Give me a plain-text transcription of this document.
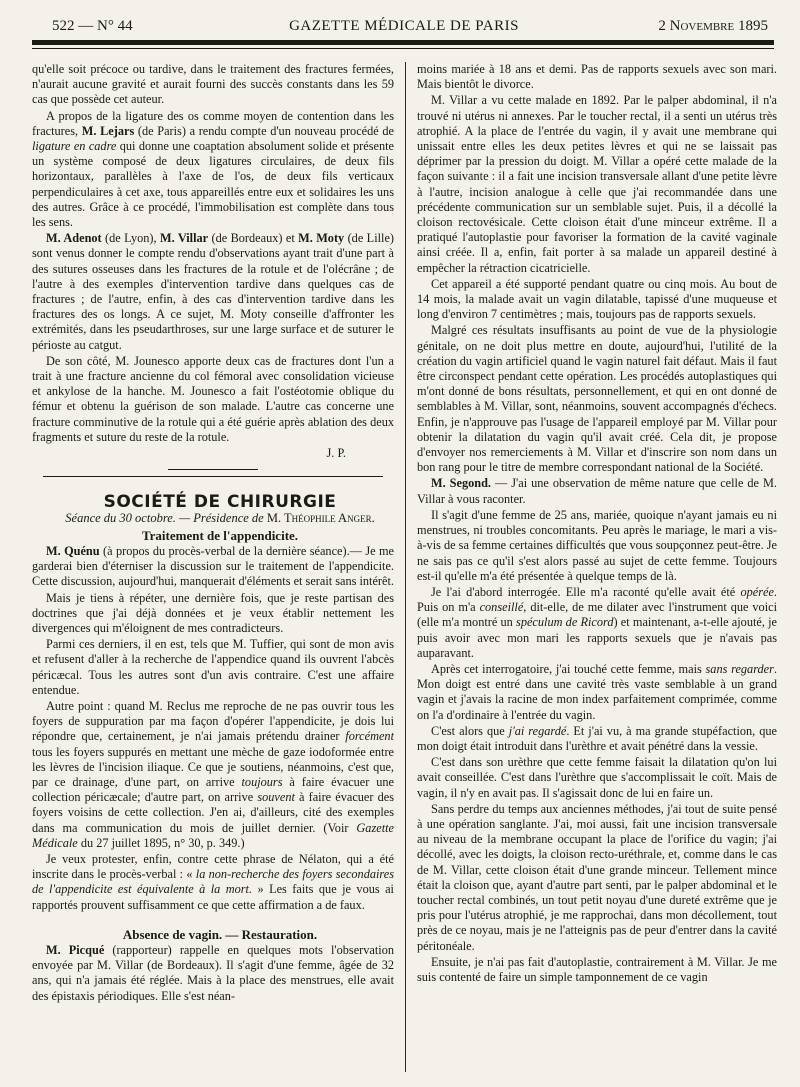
522 — N° 44	GAZETTE MÉDICALE DE PARIS	2 Novembre 1895

qu'elle soit précoce ou tardive, dans le traitement des fractures fermées, n'aurait aucune gravité et aurait fourni des succès constants dans les 59 cas que possède cet auteur.

A propos de la ligature des os comme moyen de contention dans les fractures, M. Lejars (de Paris) a rendu compte d'un nouveau procédé de ligature en cadre qui donne une coaptation absolument solide et présente un système composé de deux ligatures circulaires, de deux fils horizontaux, parallèles à l'axe de l'os, de deux fils verticaux perpendiculaires à cet axe, tous appareillés entre eux et solidaires les uns des autres. Grâce à ce procédé, l'immobilisation est complète dans tous les sens.

M. Adenot (de Lyon), M. Villar (de Bordeaux) et M. Moty (de Lille) sont venus donner le compte rendu d'observations ayant trait d'une part à des sutures osseuses dans les fractures de la rotule et de l'olécrâne ; de l'autre à des exemples d'intervention tardive dans quelques cas de fractures ; de l'autre, enfin, à des cas d'intervention tardive dans les fractures des os longs. A ce sujet, M. Moty conseille d'affronter les extrémités, dans les pseudarthroses, sur une large surface et de suturer le périoste au catgut.

De son côté, M. Jounesco apporte deux cas de fractures dont l'un a trait à une fracture ancienne du col fémoral avec consolidation vicieuse et ankylose de la hanche. M. Jounesco a fait l'ostéotomie oblique du fémur et obtenu la guérison de son malade. L'autre cas concerne une fracture comminutive de la rotule qui a été guérie après ablation des deux fragments et suture du reste de la rotule.

J. P.

SOCIÉTÉ DE CHIRURGIE

Séance du 30 octobre. — Présidence de M. Théophile Anger.

Traitement de l'appendicite.

M. Quénu (à propos du procès-verbal de la dernière séance).— Je me garderai bien d'éterniser la discussion sur le traitement de l'appendicite. Cette discussion, aujourd'hui, manquerait d'éléments et serait sans intérêt.

Mais je tiens à répéter, une dernière fois, que je reste partisan des doctrines que j'ai déjà données et je veux établir nettement les divergences qui m'éloignent de mes contradicteurs.

Parmi ces derniers, il en est, tels que M. Tuffier, qui sont de mon avis et refusent d'aller à la recherche de l'appendice quand ils ouvrent l'abcès péricæcal. Tous les autres sont d'un avis contraire. C'est une affaire entendue.

Autre point : quand M. Reclus me reproche de ne pas ouvrir tous les foyers de suppuration par ma façon d'opérer l'appendicite, je dois lui répondre que, certainement, je n'ai jamais prétendu drainer forcément tous les foyers suppurés en mettant une mèche de gaze iodoformée entre les lèvres de l'incision iliaque. Ce que je soutiens, néanmoins, c'est que, par ce drainage, d'une part, on arrive toujours à faire évacuer une collection péricæcale; d'autre part, on arrive souvent à faire évacuer des foyers voisins de cette collection. J'en ai, d'ailleurs, cité des exemples dans ma communication du mois de juillet dernier. (Voir Gazette Médicale du 27 juillet 1895, n° 30, p. 349.)

Je veux protester, enfin, contre cette phrase de Nélaton, qui a été inscrite dans le procès-verbal : « la non-recherche des foyers secondaires de l'appendicite est équivalente à la mort. » Les faits que je vous ai rapportés prouvent suffisamment ce que cette affirmation a de faux.

Absence de vagin. — Restauration.

M. Picqué (rapporteur) rappelle en quelques mots l'observation envoyée par M. Villar (de Bordeaux). Il s'agit d'une femme, âgée de 32 ans, qui n'a jamais été réglée. Mais à la place des menstrues, elle avait des épistaxis périodiques. Elle s'est néan-

moins mariée à 18 ans et demi. Pas de rapports sexuels avec son mari. Mais bientôt le divorce.

M. Villar a vu cette malade en 1892. Par le palper abdominal, il n'a trouvé ni utérus ni annexes. Par le toucher rectal, il a senti un utérus très atrophié. A la place de l'entrée du vagin, il y avait une membrane qui unissait entre elles les deux petites lèvres et qui ne se laissait pas déprimer par la pression du doigt. M. Villar a opéré cette malade de la façon suivante : il a fait une incision transversale allant d'une petite lèvre à l'autre, incision analogue à celle que j'ai recommandée dans une précédente communication sur un semblable sujet. Puis, il a décollé la cloison rectovésicale. Cette cloison était d'une minceur extrême. Il a pratiqué l'autoplastie pour favoriser la formation de la cavité vaginale ainsi créée. Il a, enfin, fait porter à sa malade un appareil destiné à empêcher la rétraction cicatricielle.

Cet appareil a été supporté pendant quatre ou cinq mois. Au bout de 14 mois, la malade avait un vagin dilatable, tapissé d'une muqueuse et long d'environ 7 centimètres ; mais, toujours pas de rapports sexuels.

Malgré ces résultats insuffisants au point de vue de la physiologie génitale, on ne doit plus mettre en doute, aujourd'hui, l'utilité de la création du vagin artificiel quand le vagin naturel fait défaut. Mais il faut être circonspect pendant cette opération. Les procédés autoplastiques qui m'ont donné de bons résultats, personnellement, et qui en ont donné de semblables à M. Villar, sont, néanmoins, souvent accompagnés d'échecs. Enfin, je n'approuve pas l'usage de l'appareil employé par M. Villar pour obtenir la dilatation du vagin qu'il avait créé. Cela dit, je propose d'envoyer nos remerciements à M. Villar et d'inscrire son nom dans un bon rang pour le titre de membre correspondant national de la Société.

M. Segond. — J'ai une observation de même nature que celle de M. Villar à vous raconter.

Il s'agit d'une femme de 25 ans, mariée, quoique n'ayant jamais eu ni menstrues, ni troubles concomitants. Peu après le mariage, le mari a vis-à-vis de sa femme certaines difficultés que vous soupçonnez peut-être. Je ne sais pas ce qu'il s'est alors passé au sujet de cette femme. Toujours est-il qu'elle m'a été présentée à quelque temps de là.

Je l'ai d'abord interrogée. Elle m'a raconté qu'elle avait été opérée. Puis on m'a conseillé, dit-elle, de me dilater avec l'instrument que voici (elle m'a montré un spéculum de Ricord) et maintenant, a-t-elle ajouté, je puis avoir avec mon mari les rapports sexuels que je n'avais pas auparavant.

Après cet interrogatoire, j'ai touché cette femme, mais sans regarder. Mon doigt est entré dans une cavité très vaste semblable à un grand vagin et j'avais la racine de mon index parfaitement comprimée, comme on l'a d'ordinaire à l'entrée du vagin.

C'est alors que j'ai regardé. Et j'ai vu, à ma grande stupéfaction, que mon doigt était introduit dans l'urèthre et avait pénétré dans la vessie.

C'est dans son urèthre que cette femme faisait la dilatation qu'on lui avait conseillée. C'est dans l'urèthre que s'accomplissait le coït. Mais de vagin, il n'y en avait pas. Il s'agissait donc de lui en faire un.

Sans perdre du temps aux anciennes méthodes, j'ai tout de suite pensé à une opération sanglante. J'ai, moi aussi, fait une incision transversale au niveau de la membrane occupant la place de l'orifice du vagin; j'ai décollé, avec les doigts, la cloison recto-uréthrale, et, comme dans le cas de M. Villar, cette cloison était d'une grande minceur. Tellement mince était la cloison que, ayant d'autre part senti, par le palper abdominal et le toucher rectal combinés, un tout petit noyau d'une dureté extrême que je pris pour l'utérus atrophié, je me rapprochai, dans mon décollement, tout près de ce noyau, mais je ne l'atteignis pas de peur d'entrer dans la cavité péritonéale.

Ensuite, je n'ai pas fait d'autoplastie, contrairement à M. Villar. Je me suis contenté de faire un simple tamponnement de ce vagin
